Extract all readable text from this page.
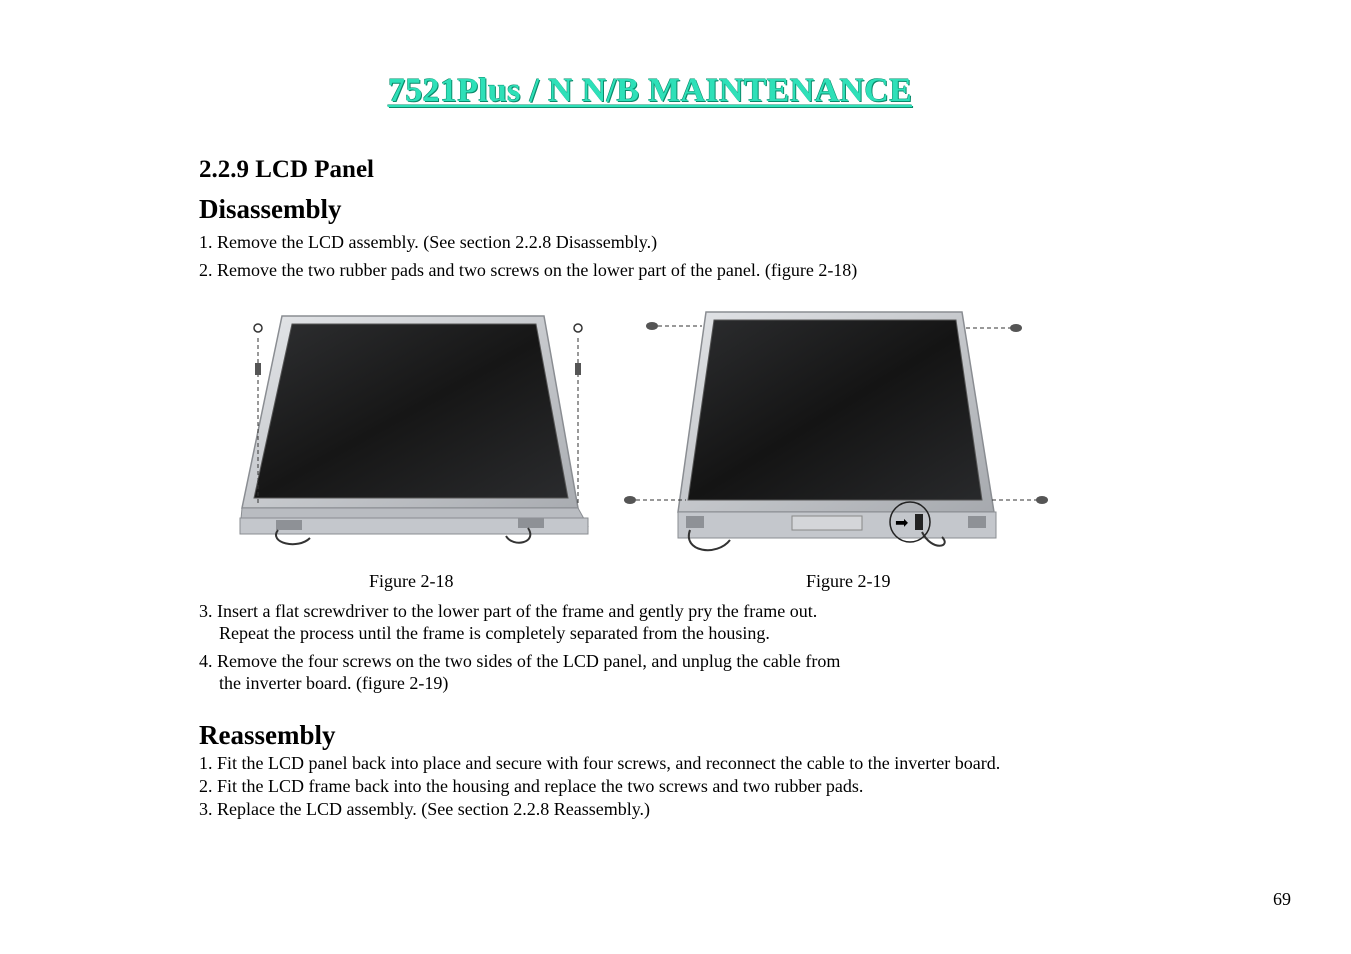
7521Plus / N N/B MAINTENANCE
2.2.9 LCD Panel
Disassembly
1. Remove the LCD assembly. (See section 2.2.8 Disassembly.)
2. Remove the two rubber pads and two screws on the lower part of the panel. (figure 2-18)
➡
Figure 2-18	Figure 2-19
3. Insert a flat screwdriver to the lower part of the frame and gently pry the frame out.
Repeat the process until the frame is completely separated from the housing.
4. Remove the four screws on the two sides of the LCD panel, and unplug the cable from
the inverter board. (figure 2-19)
Reassembly
1. Fit the LCD panel back into place and secure with four screws, and reconnect the cable to the inverter board.
2. Fit the LCD frame back into the housing and replace the two screws and two rubber pads.
3. Replace the LCD assembly. (See section 2.2.8 Reassembly.)
69
